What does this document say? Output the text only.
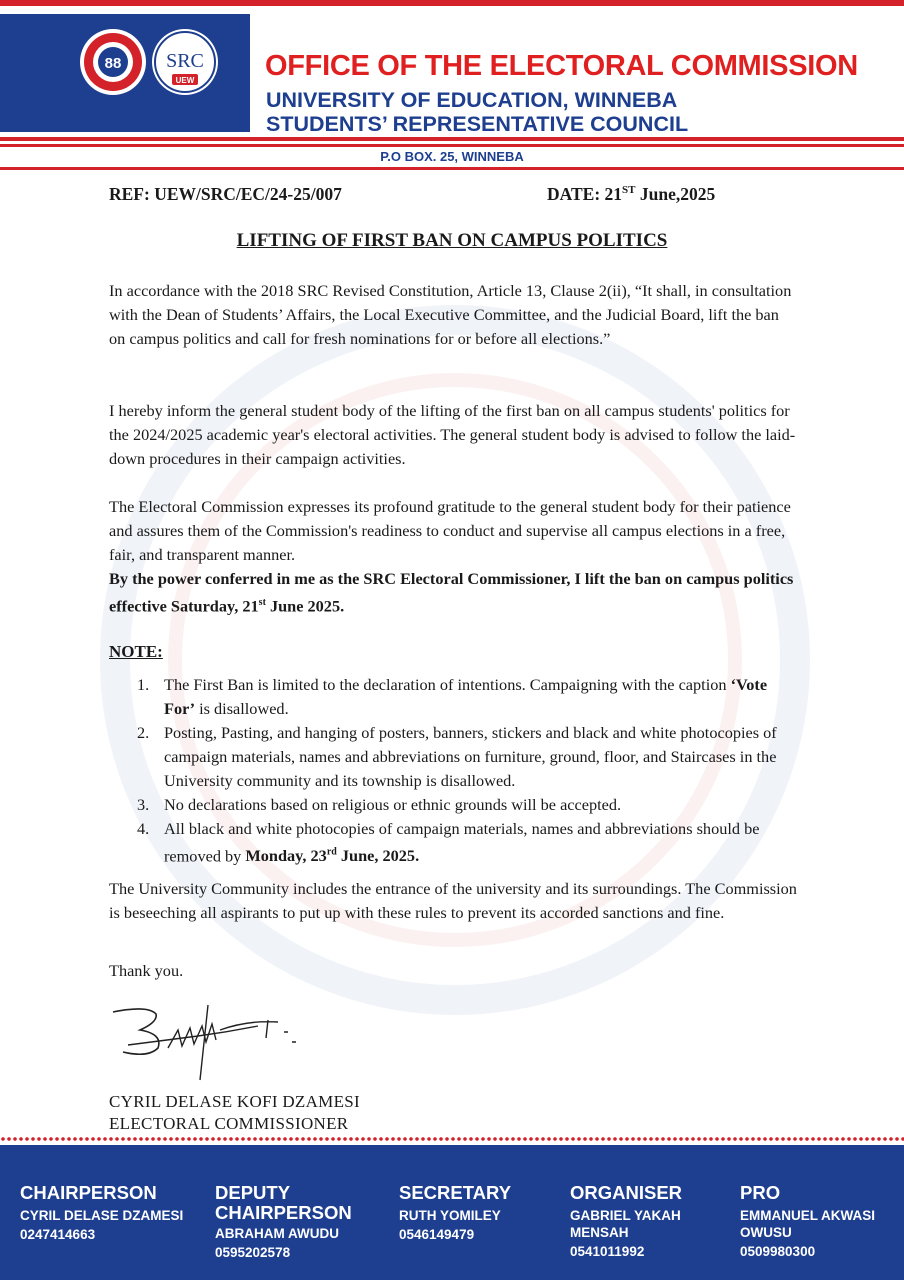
88 SRC
UEW OFFICE OF THE ELECTORAL COMMISSION
UNIVERSITY OF EDUCATION, WINNEBA
STUDENTS’ REPRESENTATIVE COUNCIL
P.O BOX. 25, WINNEBA
REF: UEW/SRC/EC/24-25/007	DATE: 21ST June,2025
LIFTING OF FIRST BAN ON CAMPUS POLITICS

In accordance with the 2018 SRC Revised Constitution, Article 13, Clause 2(ii), “It shall, in consultation with the Dean of Students’ Affairs, the Local Executive Committee, and the Judicial Board, lift the ban on campus politics and call for fresh nominations for or before all elections.”

I hereby inform the general student body of the lifting of the first ban on all campus students' politics for the 2024/2025 academic year's electoral activities. The general student body is advised to follow the laid-down procedures in their campaign activities.

The Electoral Commission expresses its profound gratitude to the general student body for their patience and assures them of the Commission's readiness to conduct and supervise all campus elections in a free, fair, and transparent manner.

By the power conferred in me as the SRC Electoral Commissioner, I lift the ban on campus politics effective Saturday, 21st June 2025.

NOTE:
1. The First Ban is limited to the declaration of intentions. Campaigning with the caption ‘Vote For’ is disallowed.
2. Posting, Pasting, and hanging of posters, banners, stickers and black and white photocopies of campaign materials, names and abbreviations on furniture, ground, floor, and Staircases in the University community and its township is disallowed.
3. No declarations based on religious or ethnic grounds will be accepted.
4. All black and white photocopies of campaign materials, names and abbreviations should be removed by Monday, 23rd June, 2025.

The University Community includes the entrance of the university and its surroundings. The Commission is beseeching all aspirants to put up with these rules to prevent its accorded sanctions and fine.

Thank you.
CYRIL DELASE KOFI DZAMESI
ELECTORAL COMMISSIONER
CHAIRPERSON
CYRIL DELASE DZAMESI
0247414663
DEPUTY CHAIRPERSON
ABRAHAM AWUDU
0595202578
SECRETARY
RUTH YOMILEY
0546149479
ORGANISER
GABRIEL YAKAH MENSAH
0541011992
PRO
EMMANUEL AKWASI OWUSU
0509980300
